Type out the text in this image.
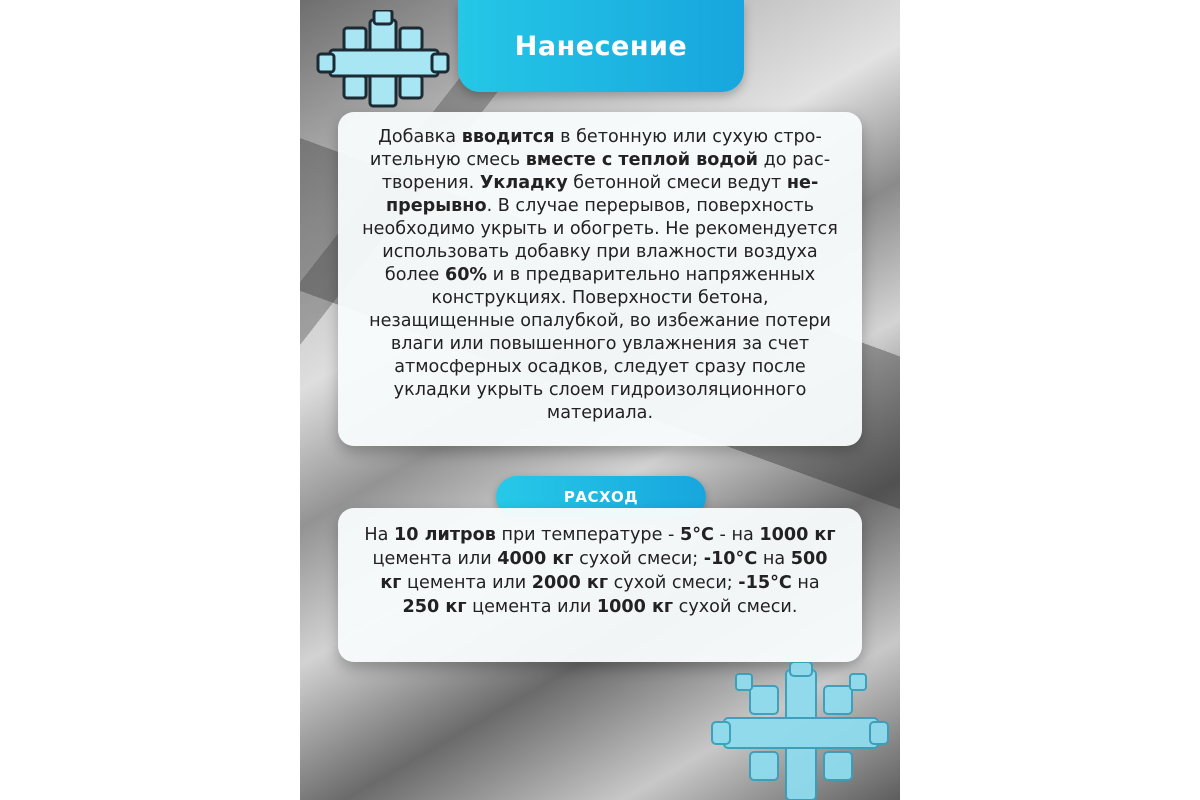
Нанесение

Добавка вводится в бетонную или сухую строительную смесь вместе с теплой водой до растворения. Укладку бетонной смеси ведут непрерывно. В случае перерывов, поверхность необходимо укрыть и обогреть. Не рекомендуется использовать добавку при влажности воздуха более 60% и в предварительно напряженных конструкциях. Поверхности бетона, незащищенные опалубкой, во избежание потери влаги или повышенного увлажнения за счет атмосферных осадков, следует сразу после укладки укрыть слоем гидроизоляционного материала.

РАСХОД

На 10 литров при температуре - 5°С - на 1000 кг цемента или 4000 кг сухой смеси; -10°С на 500 кг цемента или 2000 кг сухой смеси; -15°С на 250 кг цемента или 1000 кг сухой смеси.
